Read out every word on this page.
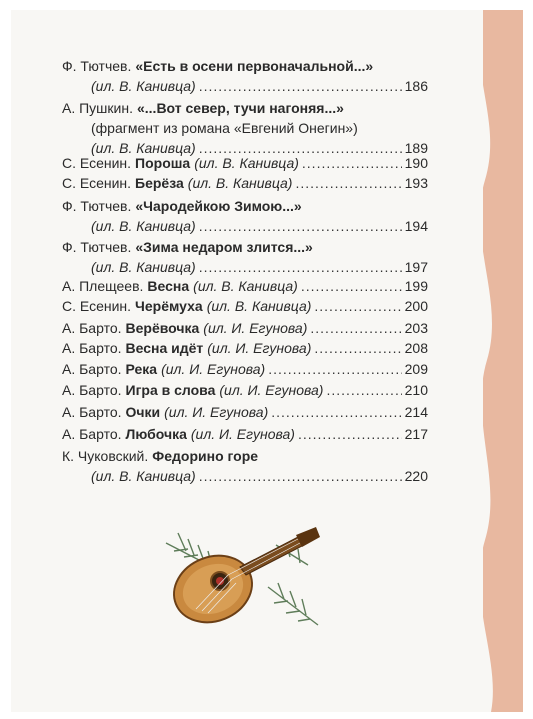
Ф. Тютчев. «Есть в осени первоначальной...»
(ил. В. Канивца) .....	186
А. Пушкин. «...Вот север, тучи нагоняя...»
(фрагмент из романа «Евгений Онегин»)
(ил. В. Канивца) .....	189
С. Есенин. Пороша (ил. В. Канивца) .....	190
С. Есенин. Берёза (ил. В. Канивца) .....	193
Ф. Тютчев. «Чародейкою Зимою...»
(ил. В. Канивца) .....	194
Ф. Тютчев. «Зима недаром злится...»
(ил. В. Канивца) .....	197
А. Плещеев. Весна (ил. В. Канивца) .....	199
С. Есенин. Черёмуха (ил. В. Канивца) .....	200
А. Барто. Верёвочка (ил. И. Егунова) .....	203
А. Барто. Весна идёт (ил. И. Егунова) .....	208
А. Барто. Река (ил. И. Егунова) .....	209
А. Барто. Игра в слова (ил. И. Егунова) .....	210
А. Барто. Очки (ил. И. Егунова) .....	214
А. Барто. Любочка (ил. И. Егунова) .....	217
К. Чуковский. Федорино горе
(ил. В. Канивца) .....	220
